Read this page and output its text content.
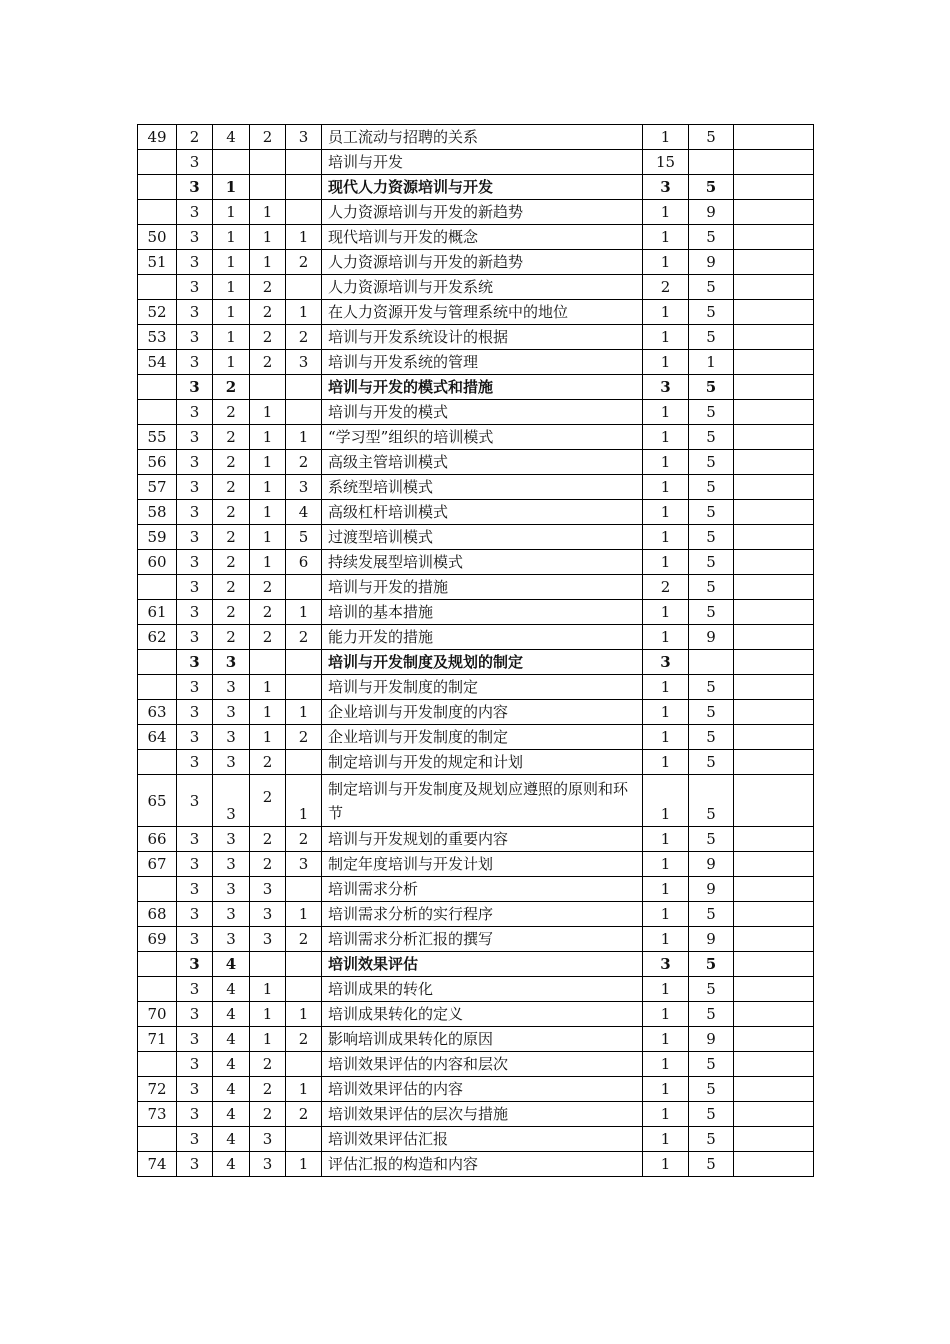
49	2	4	2	3	员工流动与招聘的关系	1	5	
	3				培训与开发	15		
	3	1			现代人力资源培训与开发	3	5	
	3	1	1		人力资源培训与开发的新趋势	1	9	
50	3	1	1	1	现代培训与开发的概念	1	5	
51	3	1	1	2	人力资源培训与开发的新趋势	1	9	
	3	1	2		人力资源培训与开发系统	2	5	
52	3	1	2	1	在人力资源开发与管理系统中的地位	1	5	
53	3	1	2	2	培训与开发系统设计的根据	1	5	
54	3	1	2	3	培训与开发系统的管理	1	1	
	3	2			培训与开发的模式和措施	3	5	
	3	2	1		培训与开发的模式	1	5	
55	3	2	1	1	“学习型”组织的培训模式	1	5	
56	3	2	1	2	高级主管培训模式	1	5	
57	3	2	1	3	系统型培训模式	1	5	
58	3	2	1	4	高级杠杆培训模式	1	5	
59	3	2	1	5	过渡型培训模式	1	5	
60	3	2	1	6	持续发展型培训模式	1	5	
	3	2	2		培训与开发的措施	2	5	
61	3	2	2	1	培训的基本措施	1	5	
62	3	2	2	2	能力开发的措施	1	9	
	3	3			培训与开发制度及规划的制定	3		
	3	3	1		培训与开发制度的制定	1	5	
63	3	3	1	1	企业培训与开发制度的内容	1	5	
64	3	3	1	2	企业培训与开发制度的制定	1	5	
	3	3	2		制定培训与开发的规定和计划	1	5	
65	3	3	2	1	制定培训与开发制度及规划应遵照的原则和环节	1	5	
66	3	3	2	2	培训与开发规划的重要内容	1	5	
67	3	3	2	3	制定年度培训与开发计划	1	9	
	3	3	3		培训需求分析	1	9	
68	3	3	3	1	培训需求分析的实行程序	1	5	
69	3	3	3	2	培训需求分析汇报的撰写	1	9	
	3	4			培训效果评估	3	5	
	3	4	1		培训成果的转化	1	5	
70	3	4	1	1	培训成果转化的定义	1	5	
71	3	4	1	2	影响培训成果转化的原因	1	9	
	3	4	2		培训效果评估的内容和层次	1	5	
72	3	4	2	1	培训效果评估的内容	1	5	
73	3	4	2	2	培训效果评估的层次与措施	1	5	
	3	4	3		培训效果评估汇报	1	5	
74	3	4	3	1	评估汇报的构造和内容	1	5	
